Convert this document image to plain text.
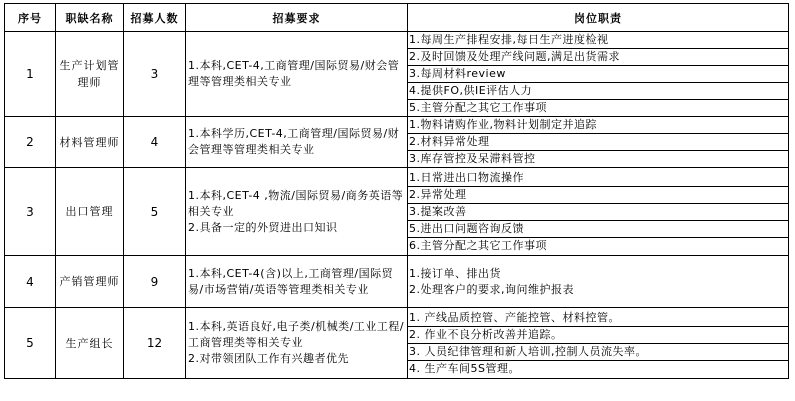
序号	职缺名称	招募人数	招募要求	岗位职责
1	生产计划管理师	3	1.本科,CET-4,工商管理/国际贸易/财会管理等管理类相关专业	1.每周生产排程安排,每日生产进度检视
2.及时回馈及处理产线问题,满足出货需求
3.每周材料review
4.提供FO,供IE评估人力
5.主管分配之其它工作事项

2	材料管理师	4	1.本科学历,CET-4,工商管理/国际贸易/财会管理等管理类相关专业	1.物料请购作业,物料计划制定并追踪
2.材料异常处理
3.库存管控及呆滞料管控

3	出口管理	5	1.本科,CET-4 ,物流/国际贸易/商务英语等相关专业
2.具备一定的外贸进出口知识	1.日常进出口物流操作
2.异常处理
3.提案改善
5.进出口问题咨询反馈
6.主管分配之其它工作事项

4	产销管理师	9	1.本科,CET-4(含)以上,工商管理/国际贸易/市场营销/英语等管理类相关专业	1.接订单、排出货
2.处理客户的要求,询问维护报表

5	生产组长	12	1.本科,英语良好,电子类/机械类/工业工程/工商管理类等相关专业
2.对带领团队工作有兴趣者优先	1. 产线品质控管、产能控管、材料控管。
2. 作业不良分析改善并追踪。
3. 人员纪律管理和新人培训,控制人员流失率。
4. 生产车间5S管理。
